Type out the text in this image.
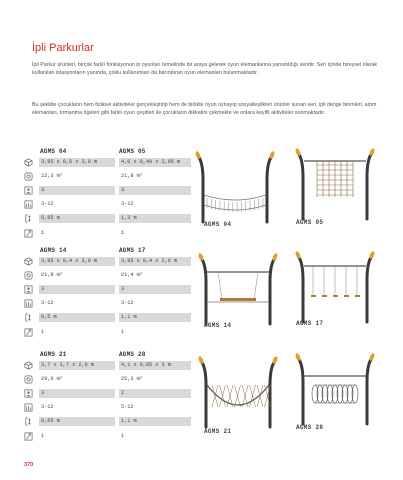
İpli Parkurlar
İpli Parkur ürünleri, birçok farklı fonksiyonun ip oyunları temelinde bir araya gelerek oyun elemanlarına yansıtıldığı seridir. Seri içinde bireysel olarak kullanılan istasyonların yanında, çoklu kullanımları da barındıran oyun elemanları bulunmaktadır.
Bu şekilde çocukların hem fiziksel aktiviteler gerçekleştirip hem de birlikte oyun oynayıp sosyalleştikleri ürünler sunan seri, ipli denge birimleri, adım elemanları, tırmanma ögeleri gibi farklı oyun çeşitleri ile çocukların dikkatini çekmekte ve onlara keyifli aktiviteler sunmaktadır.
AGMS 04	AGMS 05
3,95 x 0,5 x 3,0 m	4,0 x 0,40 x 2,95 m
22,3 m²	21,8 m²
3	3
3-12	3-12
0,65 m	1,3 m
1	1
AGMS 14	AGMS 17
3,95 x 0,4 x 3,0 m	3,95 x 0,4 x 2,6 m
21,8 m²	21,4 m²
3	3
3-12	3-12
0,5 m	1,1 m
1	1
AGMS 21	AGMS 28
3,7 x 1,7 x 2,6 m	4,1 x 0,85 x 3 m
29,6 m²	25,3 m²
3	2
3-12	5-12
0,65 m	1,1 m
1	1
AGMS 04	AGMS 05
AGMS 14	AGMS 17
AGMS 21
AGMS 28
370
